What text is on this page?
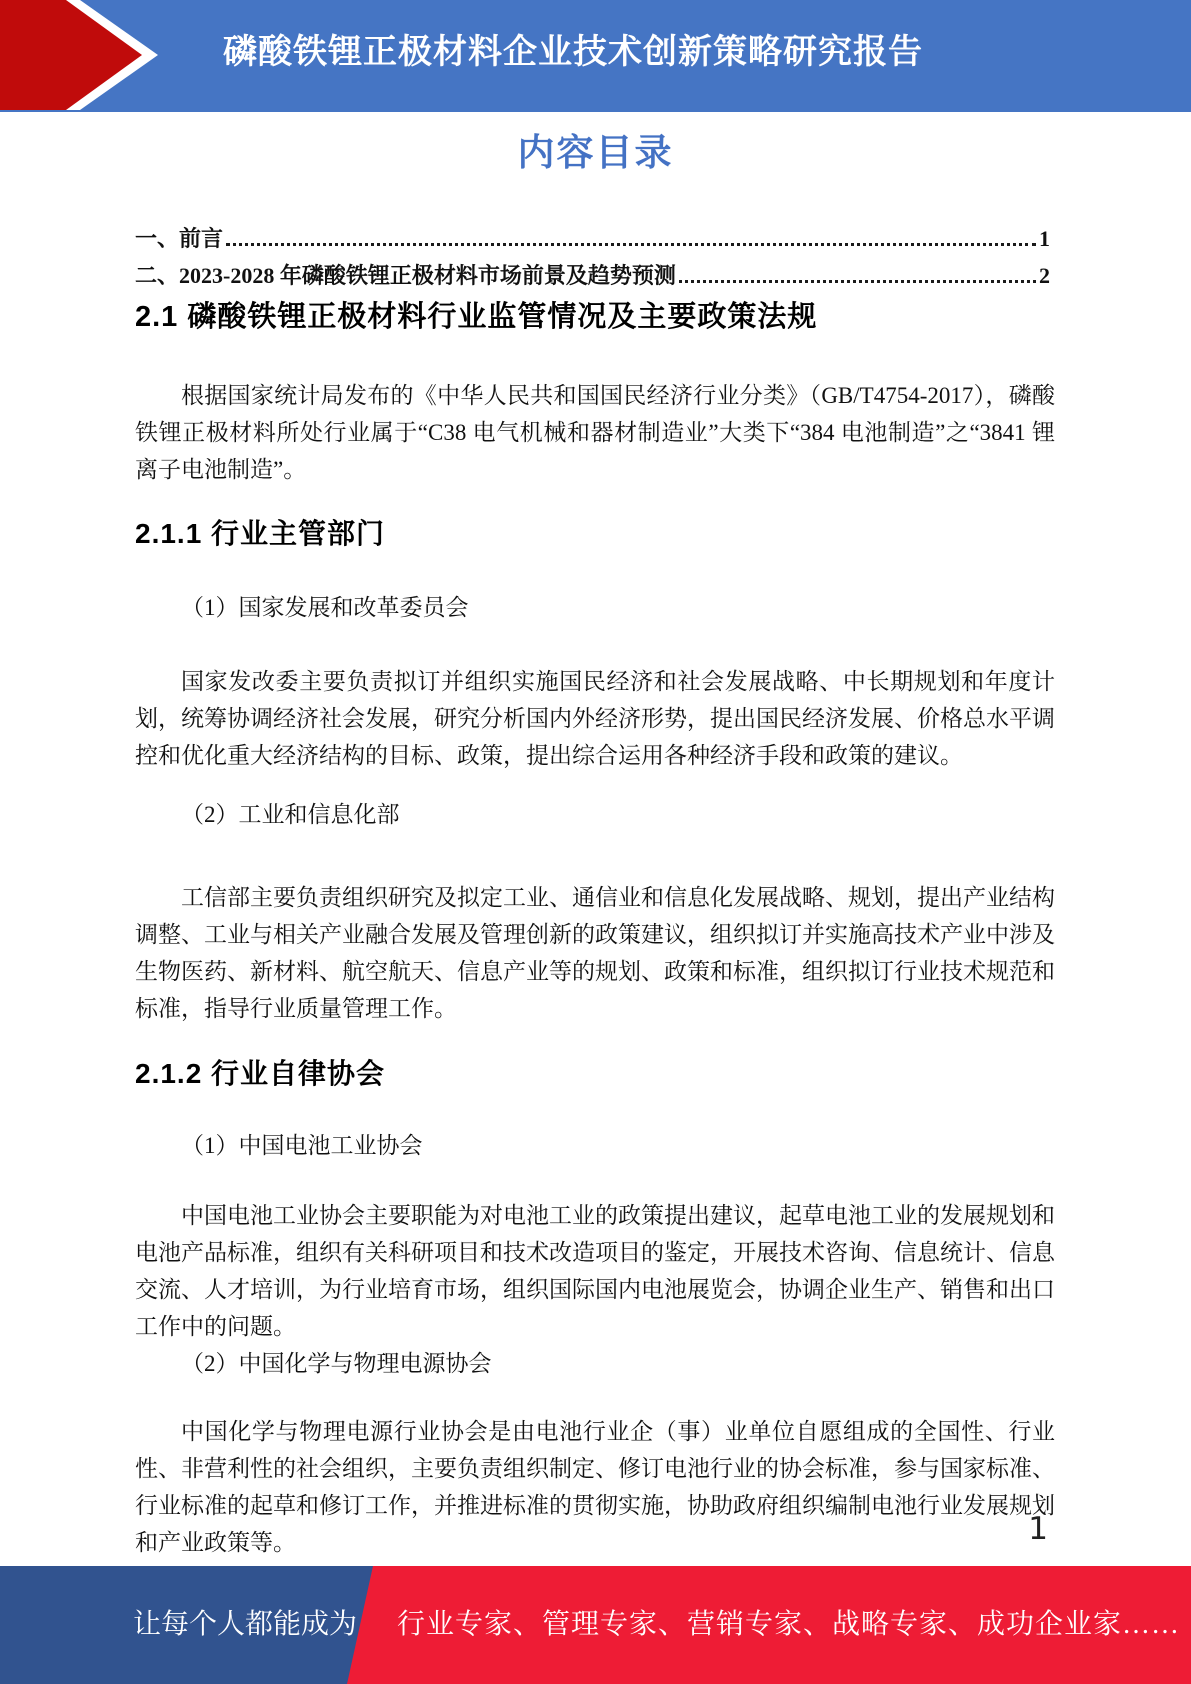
磷酸铁锂正极材料企业技术创新策略研究报告
内容目录
一、前言	1
二、2023-2028 年磷酸铁锂正极材料市场前景及趋势预测	2
2.1 磷酸铁锂正极材料行业监管情况及主要政策法规
根据国家统计局发布的《中华人民共和国国民经济行业分类》（GB/T4754-2017），磷酸铁锂正极材料所处行业属于“C38 电气机械和器材制造业”大类下“384 电池制造”之“3841 锂离子电池制造”。
2.1.1 行业主管部门
（1）国家发展和改革委员会
国家发改委主要负责拟订并组织实施国民经济和社会发展战略、中长期规划和年度计划，统筹协调经济社会发展，研究分析国内外经济形势，提出国民经济发展、价格总水平调控和优化重大经济结构的目标、政策，提出综合运用各种经济手段和政策的建议。
（2）工业和信息化部
工信部主要负责组织研究及拟定工业、通信业和信息化发展战略、规划，提出产业结构调整、工业与相关产业融合发展及管理创新的政策建议，组织拟订并实施高技术产业中涉及生物医药、新材料、航空航天、信息产业等的规划、政策和标准，组织拟订行业技术规范和标准，指导行业质量管理工作。
2.1.2 行业自律协会
（1）中国电池工业协会
中国电池工业协会主要职能为对电池工业的政策提出建议，起草电池工业的发展规划和电池产品标准，组织有关科研项目和技术改造项目的鉴定，开展技术咨询、信息统计、信息交流、人才培训，为行业培育市场，组织国际国内电池展览会，协调企业生产、销售和出口工作中的问题。
（2）中国化学与物理电源协会
中国化学与物理电源行业协会是由电池行业企（事）业单位自愿组成的全国性、行业性、非营利性的社会组织，主要负责组织制定、修订电池行业的协会标准，参与国家标准、行业标准的起草和修订工作，并推进标准的贯彻实施，协助政府组织编制电池行业发展规划和产业政策等。	1
让每个人都能成为	行业专家、管理专家、营销专家、战略专家、成功企业家……
